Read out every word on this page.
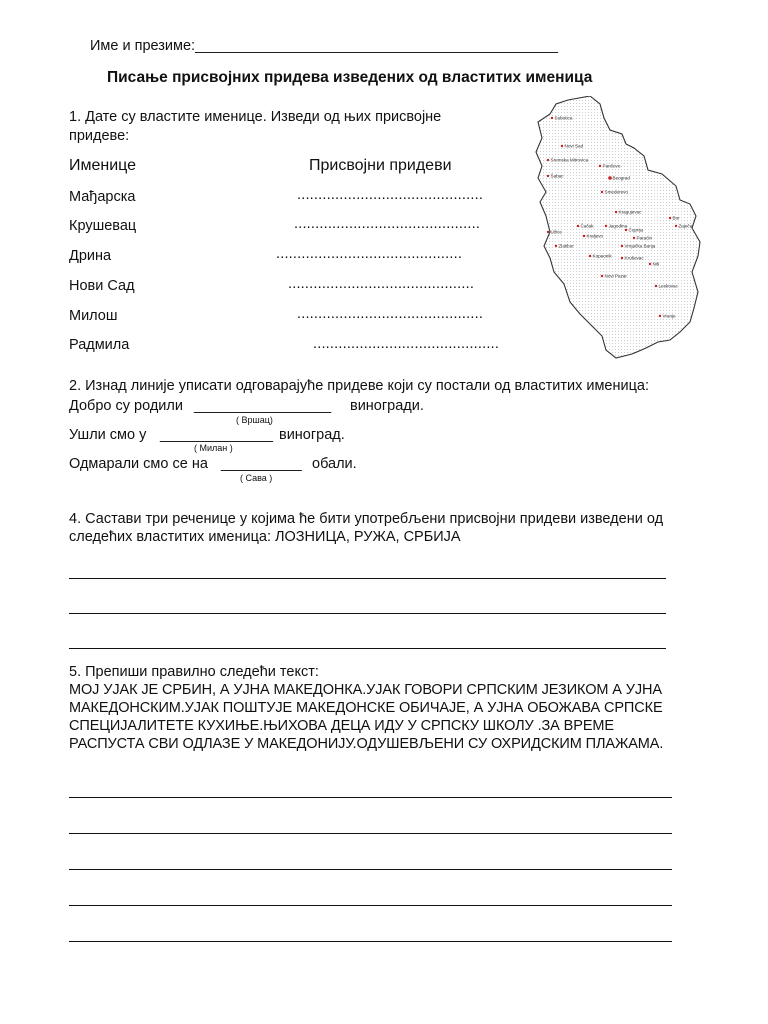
Име и презиме:_____________________________________________
Писање присвојних придева изведених од властитих именица
1. Дате су властите именице. Изведи од њих присвојне придеве:
Именице	Присвојни придеви
Мађарска	............................................
Крушевац	............................................
Дрина	............................................
Нови Сад	............................................
Милош	............................................
Радмила	............................................
Subotica
Novi Sad
Sremska Mitrovica
Pančevo
Beograd
Šabac
Smederevo
Kragujevac
Bor
Zaječar
Užice
Čačak
Kraljevo
Jagodina
Ćuprija
Paraćin
Zlatibor
Kopaonik
Vrnjačka Banja
Kruševac
Niš
Novi Pazar
Leskovac
Vranje
2. Изнад линије уписати одговарајуће придеве који су постали од властитих именица:
Добро су родили _________________ виногради.
( Вршац)
Ушли смо у ______________ виноград.
( Милан )
Одмарали смо се на __________ обали.
( Сава )
4. Састави три реченице у којима ће бити употребљени присвојни придеви изведени од следећих властитих именица: ЛОЗНИЦА, РУЖА, СРБИЈА
5. Препиши правилно следећи текст:
МОЈ УЈАК ЈЕ СРБИН, А УЈНА МАКЕДОНКА.УЈАК ГОВОРИ СРПСКИМ ЈЕЗИКОМ А УЈНА МАКЕДОНСКИМ.УЈАК ПОШТУЈЕ МАКЕДОНСКЕ ОБИЧАЈЕ, А УЈНА ОБОЖАВА СРПСКЕ СПЕЦИЈАЛИТЕТЕ КУХИЊЕ.ЊИХОВА ДЕЦА ИДУ У СРПСКУ ШКОЛУ .ЗА ВРЕМЕ РАСПУСТА СВИ ОДЛАЗЕ У МАКЕДОНИЈУ.ОДУШЕВЉЕНИ СУ ОХРИДСКИМ ПЛАЖАМА.
